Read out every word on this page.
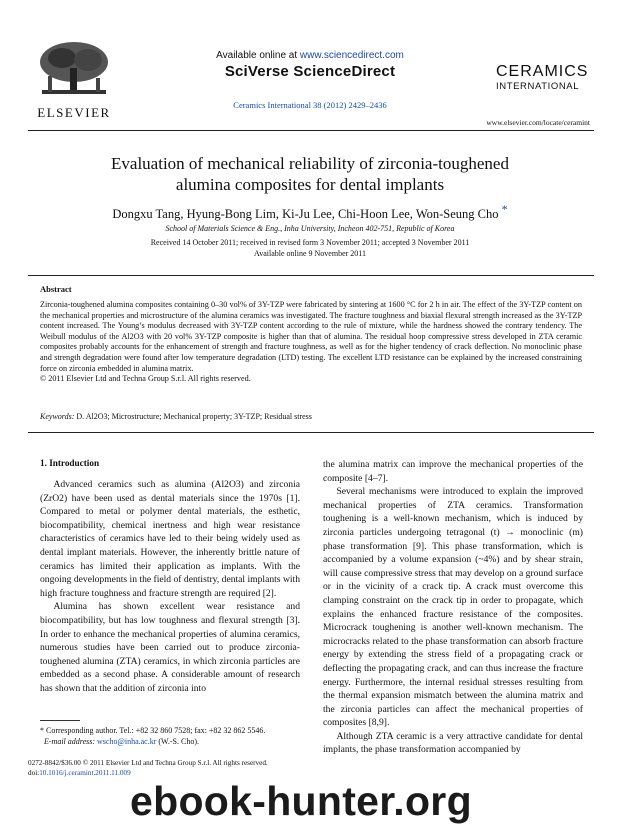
ELSEVIER
Available online at www.sciencedirect.com
SciVerse ScienceDirect
Ceramics International 38 (2012) 2429–2436
CERAMICS
INTERNATIONAL
www.elsevier.com/locate/ceramint
Evaluation of mechanical reliability of zirconia-toughened
alumina composites for dental implants
Dongxu Tang, Hyung-Bong Lim, Ki-Ju Lee, Chi-Hoon Lee, Won-Seung Cho *
School of Materials Science & Eng., Inha University, Incheon 402-751, Republic of Korea
Received 14 October 2011; received in revised form 3 November 2011; accepted 3 November 2011
Available online 9 November 2011
Abstract
Zirconia-toughened alumina composites containing 0–30 vol% of 3Y-TZP were fabricated by sintering at 1600 °C for 2 h in air. The effect of the 3Y-TZP content on the mechanical properties and microstructure of the alumina ceramics was investigated. The fracture toughness and biaxial flexural strength increased as the 3Y-TZP content increased. The Young’s modulus decreased with 3Y-TZP content according to the rule of mixture, while the hardness showed the contrary tendency. The Weibull modulus of the Al2O3 with 20 vol% 3Y-TZP composite is higher than that of alumina. The residual hoop compressive stress developed in ZTA ceramic composites probably accounts for the enhancement of strength and fracture toughness, as well as for the higher tendency of crack deflection. No monoclinic phase and strength degradation were found after low temperature degradation (LTD) testing. The excellent LTD resistance can be explained by the increased constraining force on zirconia embedded in alumina matrix.
© 2011 Elsevier Ltd and Techna Group S.r.l. All rights reserved.
Keywords: D. Al2O3; Microstructure; Mechanical property; 3Y-TZP; Residual stress
1. Introduction

Advanced ceramics such as alumina (Al2O3) and zirconia (ZrO2) have been used as dental materials since the 1970s [1]. Compared to metal or polymer dental materials, the esthetic, biocompatibility, chemical inertness and high wear resistance characteristics of ceramics have led to their being widely used as dental implant materials. However, the inherently brittle nature of ceramics has limited their application as implants. With the ongoing developments in the field of dentistry, dental implants with high fracture toughness and fracture strength are required [2].

Alumina has shown excellent wear resistance and biocompatibility, but has low toughness and flexural strength [3]. In order to enhance the mechanical properties of alumina ceramics, numerous studies have been carried out to produce zirconia-toughened alumina (ZTA) ceramics, in which zirconia particles are embedded as a second phase. A considerable amount of research has shown that the addition of zirconia into

the alumina matrix can improve the mechanical properties of the composite [4–7].

Several mechanisms were introduced to explain the improved mechanical properties of ZTA ceramics. Transformation toughening is a well-known mechanism, which is induced by zirconia particles undergoing tetragonal (t) → monoclinic (m) phase transformation [9]. This phase transformation, which is accompanied by a volume expansion (~4%) and by shear strain, will cause compressive stress that may develop on a ground surface or in the vicinity of a crack tip. A crack must overcome this clamping constraint on the crack tip in order to propagate, which explains the enhanced fracture resistance of the composites. Microcrack toughening is another well-known mechanism. The microcracks related to the phase transformation can absorb fracture energy by extending the stress field of a propagating crack or deflecting the propagating crack, and can thus increase the fracture energy. Furthermore, the internal residual stresses resulting from the thermal expansion mismatch between the alumina matrix and the zirconia particles can affect the mechanical properties of composites [8,9].

Although ZTA ceramic is a very attractive candidate for dental implants, the phase transformation accompanied by

* Corresponding author. Tel.: +82 32 860 7528; fax: +82 32 862 5546.
E-mail address: wscho@inha.ac.kr (W.-S. Cho).
0272-8842/$36.00 © 2011 Elsevier Ltd and Techna Group S.r.l. All rights reserved.
doi:10.1016/j.ceramint.2011.11.009
ebook-hunter.org
